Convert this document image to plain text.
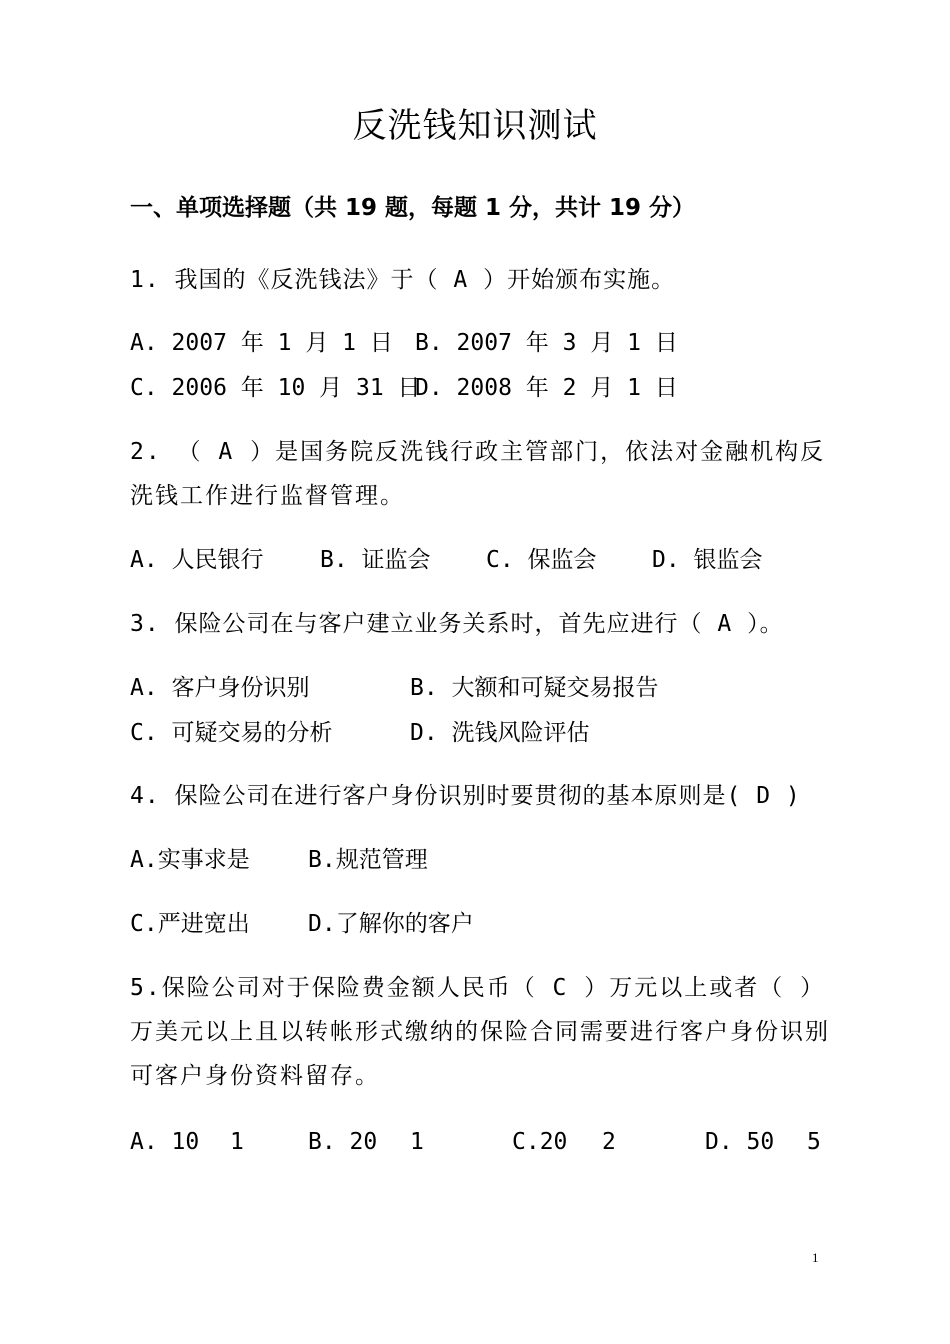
反洗钱知识测试
一、单项选择题（共 19 题，每题 1 分，共计 19 分）
1. 我国的《反洗钱法》于（ A ）开始颁布实施。
A. 2007 年 1 月 1 日 B. 2007 年 3 月 1 日
C. 2006 年 10 月 31 日
D. 2008 年 2 月 1 日
2. （ A ）是国务院反洗钱行政主管部门，依法对金融机构反洗钱工作进行监督管理。
A. 人民银行 B. 证监会 C. 保监会 D. 银监会
3. 保险公司在与客户建立业务关系时，首先应进行（ A ）。
A. 客户身份识别	B. 大额和可疑交易报告
C. 可疑交易的分析	D. 洗钱风险评估
4. 保险公司在进行客户身份识别时要贯彻的基本原则是( D )
A.实事求是	B.规范管理
C.严进宽出	D.了解你的客户
5.保险公司对于保险费金额人民币（ C ）万元以上或者（ ）万美元以上且以转帐形式缴纳的保险合同需要进行客户身份识别可客户身份资料留存。
A. 10 1	B. 20 1	C.20 2	D. 50 5
1
